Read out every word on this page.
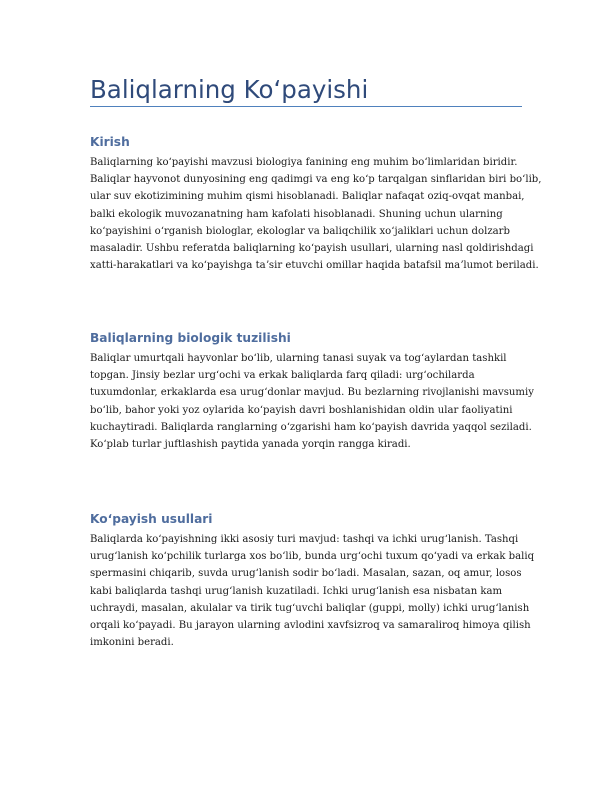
Baliqlarning Koʻpayishi
Kirish
Baliqlarning koʻpayishi mavzusi biologiya fanining eng muhim boʻlimlaridan biridir.
Baliqlar hayvonot dunyosining eng qadimgi va eng koʻp tarqalgan sinflaridan biri boʻlib,
ular suv ekotizimining muhim qismi hisoblanadi. Baliqlar nafaqat oziq-ovqat manbai,
balki ekologik muvozanatning ham kafolati hisoblanadi. Shuning uchun ularning
koʻpayishini oʻrganish biologlar, ekologlar va baliqchilik xoʻjaliklari uchun dolzarb
masaladir. Ushbu referatda baliqlarning koʻpayish usullari, ularning nasl qoldirishdagi
xatti-harakatlari va koʻpayishga taʼsir etuvchi omillar haqida batafsil maʼlumot beriladi.
Baliqlarning biologik tuzilishi
Baliqlar umurtqali hayvonlar boʻlib, ularning tanasi suyak va togʻaylardan tashkil
topgan. Jinsiy bezlar urgʻochi va erkak baliqlarda farq qiladi: urgʻochilarda
tuxumdonlar, erkaklarda esa urugʻdonlar mavjud. Bu bezlarning rivojlanishi mavsumiy
boʻlib, bahor yoki yoz oylarida koʻpayish davri boshlanishidan oldin ular faoliyatini
kuchaytiradi. Baliqlarda ranglarning oʻzgarishi ham koʻpayish davrida yaqqol seziladi.
Koʻplab turlar juftlashish paytida yanada yorqin rangga kiradi.
Koʻpayish usullari
Baliqlarda koʻpayishning ikki asosiy turi mavjud: tashqi va ichki urugʻlanish. Tashqi
urugʻlanish koʻpchilik turlarga xos boʻlib, bunda urgʻochi tuxum qoʻyadi va erkak baliq
spermasini chiqarib, suvda urugʻlanish sodir boʻladi. Masalan, sazan, oq amur, losos
kabi baliqlarda tashqi urugʻlanish kuzatiladi. Ichki urugʻlanish esa nisbatan kam
uchraydi, masalan, akulalar va tirik tugʻuvchi baliqlar (guppi, molly) ichki urugʻlanish
orqali koʻpayadi. Bu jarayon ularning avlodini xavfsizroq va samaraliroq himoya qilish
imkonini beradi.
